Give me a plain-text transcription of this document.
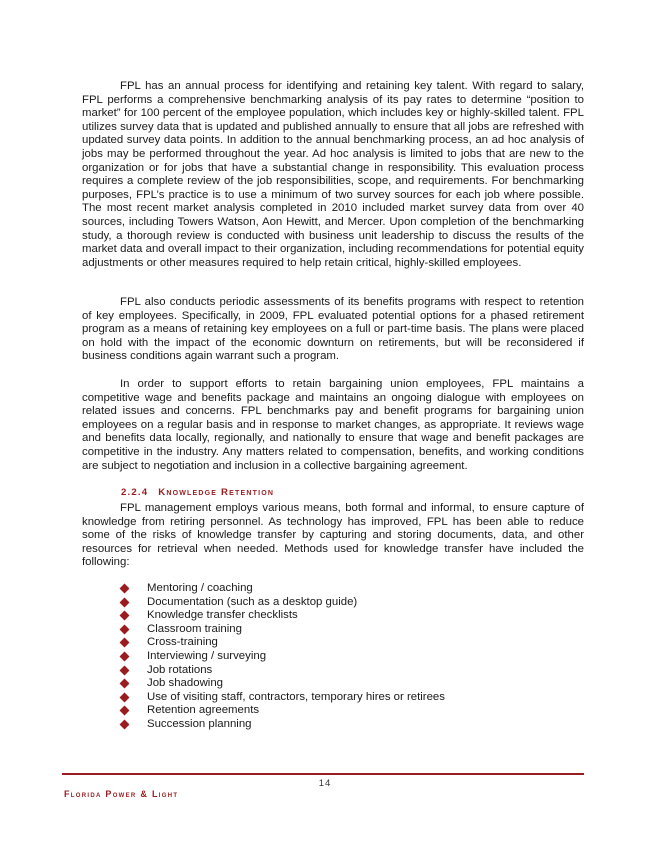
FPL has an annual process for identifying and retaining key talent. With regard to salary, FPL performs a comprehensive benchmarking analysis of its pay rates to determine “position to market” for 100 percent of the employee population, which includes key or highly-skilled talent. FPL utilizes survey data that is updated and published annually to ensure that all jobs are refreshed with updated survey data points. In addition to the annual benchmarking process, an ad hoc analysis of jobs may be performed throughout the year. Ad hoc analysis is limited to jobs that are new to the organization or for jobs that have a substantial change in responsibility. This evaluation process requires a complete review of the job responsibilities, scope, and requirements. For benchmarking purposes, FPL’s practice is to use a minimum of two survey sources for each job where possible. The most recent market analysis completed in 2010 included market survey data from over 40 sources, including Towers Watson, Aon Hewitt, and Mercer. Upon completion of the benchmarking study, a thorough review is conducted with business unit leadership to discuss the results of the market data and overall impact to their organization, including recommendations for potential equity adjustments or other measures required to help retain critical, highly-skilled employees.

FPL also conducts periodic assessments of its benefits programs with respect to retention of key employees. Specifically, in 2009, FPL evaluated potential options for a phased retirement program as a means of retaining key employees on a full or part-time basis. The plans were placed on hold with the impact of the economic downturn on retirements, but will be reconsidered if business conditions again warrant such a program.

In order to support efforts to retain bargaining union employees, FPL maintains a competitive wage and benefits package and maintains an ongoing dialogue with employees on related issues and concerns. FPL benchmarks pay and benefit programs for bargaining union employees on a regular basis and in response to market changes, as appropriate. It reviews wage and benefits data locally, regionally, and nationally to ensure that wage and benefit packages are competitive in the industry. Any matters related to compensation, benefits, and working conditions are subject to negotiation and inclusion in a collective bargaining agreement.

2.2.4 Knowledge Retention

FPL management employs various means, both formal and informal, to ensure capture of knowledge from retiring personnel. As technology has improved, FPL has been able to reduce some of the risks of knowledge transfer by capturing and storing documents, data, and other resources for retrieval when needed. Methods used for knowledge transfer have included the following:

Mentoring / coaching
Documentation (such as a desktop guide)
Knowledge transfer checklists
Classroom training
Cross-training
Interviewing / surveying
Job rotations
Job shadowing
Use of visiting staff, contractors, temporary hires or retirees
Retention agreements
Succession planning
14
Florida Power & Light
